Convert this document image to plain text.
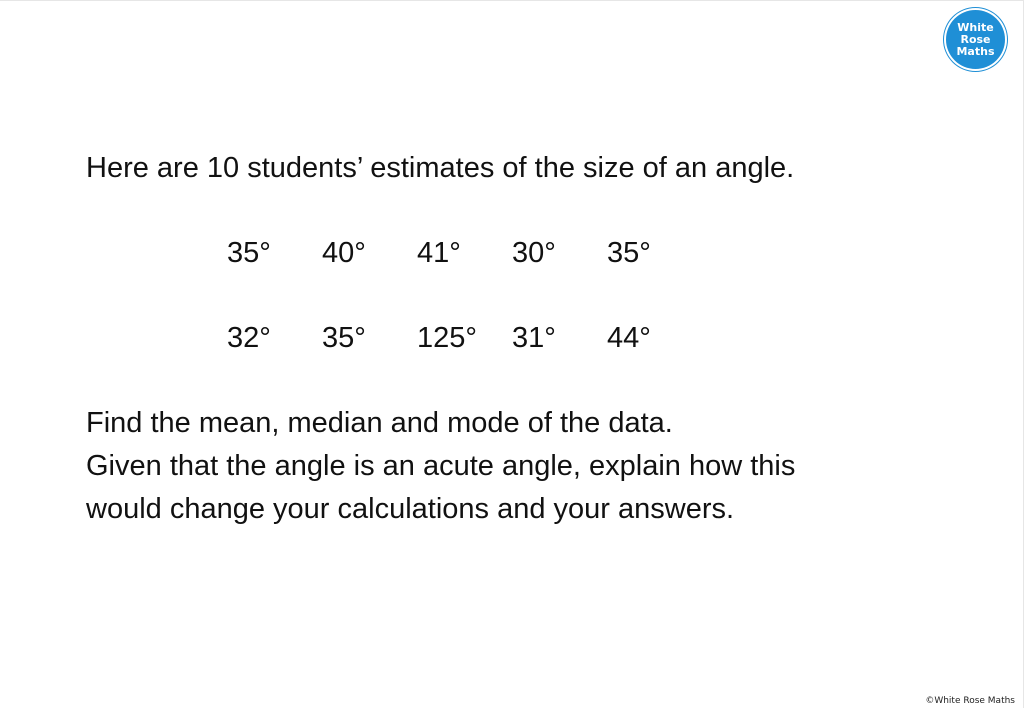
White
Rose
Maths

Here are 10 students’ estimates of the size of an angle.

35°	40°	41°	30°	35°
32°	35°	125°	31°	44°

Find the mean, median and mode of the data.

Given that the angle is an acute angle, explain how this

would change your calculations and your answers.

©White Rose Maths
